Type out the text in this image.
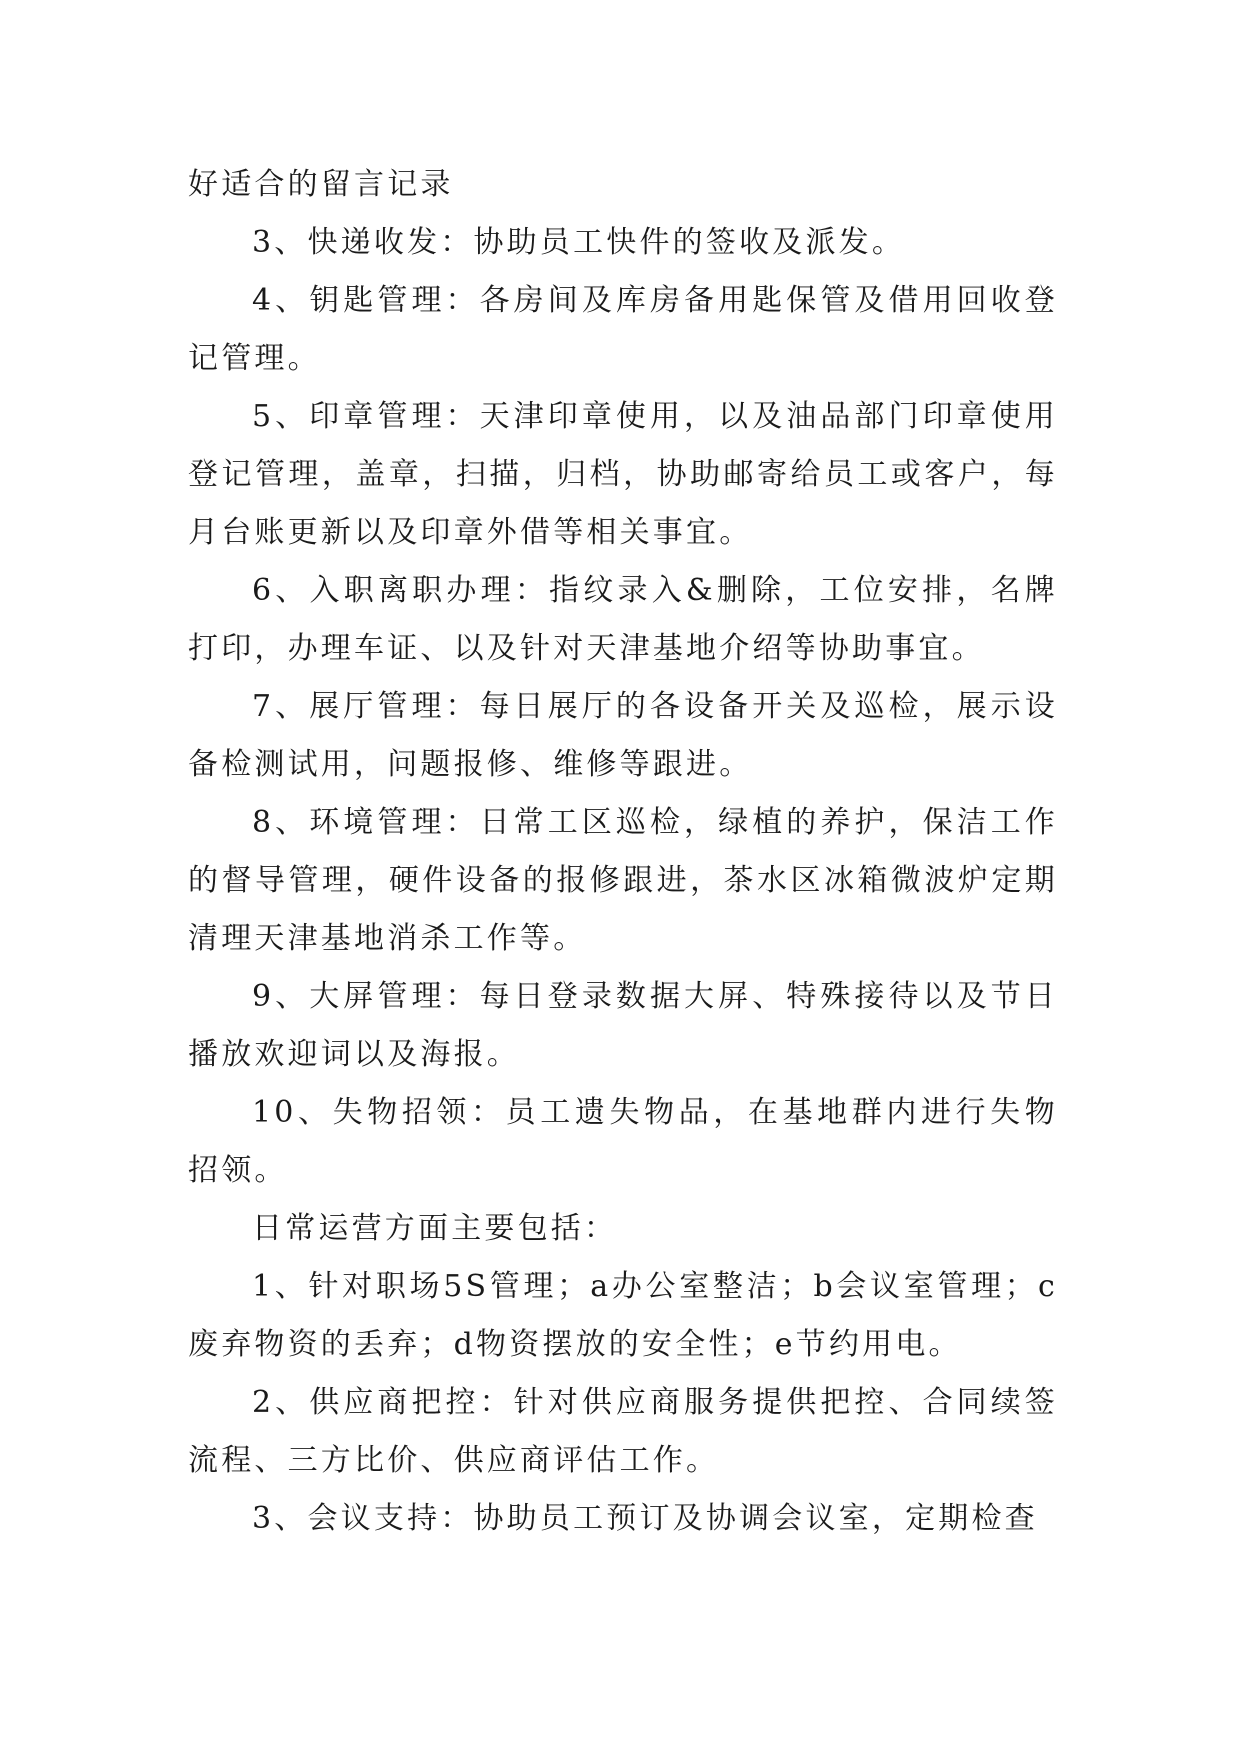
好适合的留言记录

3、快递收发：协助员工快件的签收及派发。

4、钥匙管理：各房间及库房备用匙保管及借用回收登记管理。

5、印章管理：天津印章使用，以及油品部门印章使用登记管理，盖章，扫描，归档，协助邮寄给员工或客户，每月台账更新以及印章外借等相关事宜。

6、入职离职办理：指纹录入&删除，工位安排，名牌打印，办理车证、以及针对天津基地介绍等协助事宜。

7、展厅管理：每日展厅的各设备开关及巡检，展示设备检测试用，问题报修、维修等跟进。

8、环境管理：日常工区巡检，绿植的养护，保洁工作的督导管理，硬件设备的报修跟进，茶水区冰箱微波炉定期清理天津基地消杀工作等。

9、大屏管理：每日登录数据大屏、特殊接待以及节日播放欢迎词以及海报。

10、失物招领：员工遗失物品，在基地群内进行失物招领。

日常运营方面主要包括：

1、针对职场5S管理；a办公室整洁；b会议室管理；c废弃物资的丢弃；d物资摆放的安全性；e节约用电。

2、供应商把控：针对供应商服务提供把控、合同续签流程、三方比价、供应商评估工作。

3、会议支持：协助员工预订及协调会议室，定期检查
